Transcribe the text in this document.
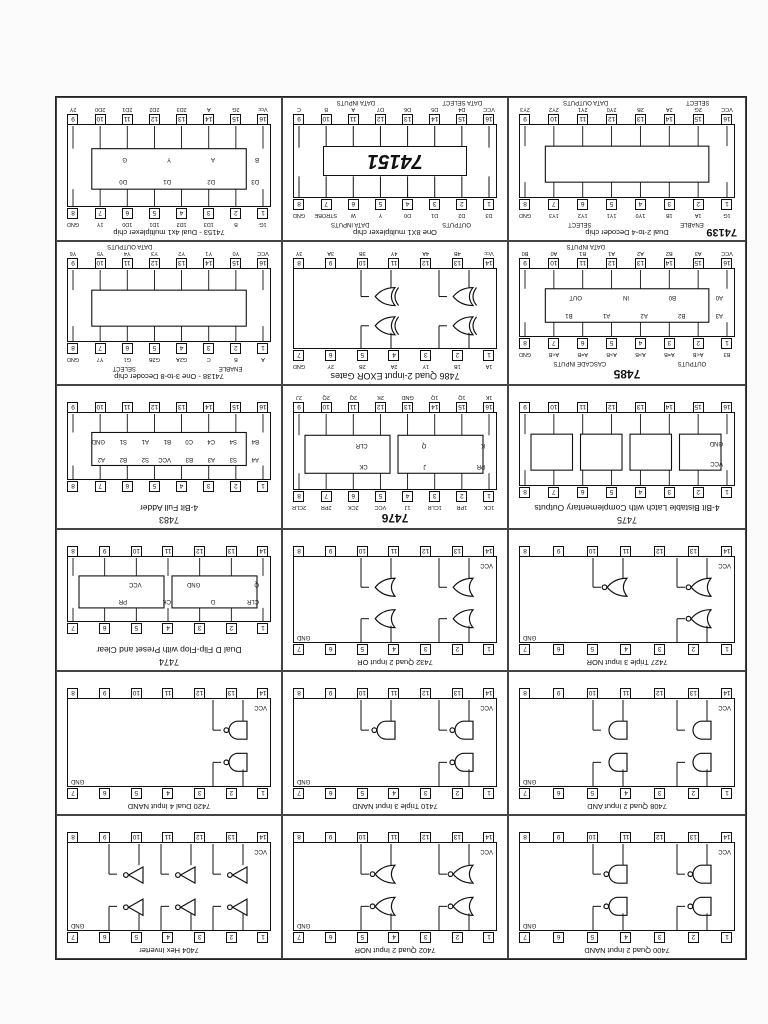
74153 - Dual 4x1 multiplexer chip
1
2
3
4
5
6
7
8
1G
B
1D3
1D2
1D1
1D0
1Y
GND
16
15
14
13
12
11
10
9
Vcc
2G
A
2D3
2D2
2D1
2D0
2Y
D3
D2
D1
D0
B
A
Y
G
74138 - One 3-to-8 Decoder chip
SELECT	ENABLE
1
2
3
4
5
6
7
8
A
B
C
G2A
G2B
G1
Y7
GND
16
15
14
13
12
11
10
9
VCC
Y0
Y1
Y2
Y3
Y4
Y5
Y6
DATA OUTPUTS
7483
4-Bit Full Adder
1
2
3
4
5
6
7
8
16
15
14
13
12
11
10
9
A4
S3
A3
B3
VCC
S2
B2
A2
B4
S4
C4
C0
B1
A1
S1
GND
7474
Dual D Flip-Flop with Preset and Clear
1
2
3
4
5
6
7
14
13
12
11
10
9
8
CLR
D
CK
PR
Q
GND
VCC
7420 Dual 4 Input NAND
1
2
3
4
5
6
7
14
13
12
11
10
9
8
GND
VCC
7404 Hex Inverter
1
2
3
4
5
6
7
14
13
12
11
10
9
8
GND
VCC
One 8X1 multiplexer chip
DATA INPUTS	OUTPUTS
1
2
3
4
5
6
7
8
D3
D2
D1
D0
Y
W
STROBE
GND
16
15
14
13
12
11
10
9
VCC
D4
D5
D6
D7
A
B
C
DATA INPUTS	DATA SELECT
74151
7486 Quad 2-input EXOR Gates
1
2
3
4
5
6
7
1A
1B
1Y
2A
2B
2Y
GND
14
13
12
11
10
9
8
Vcc
4B
4A
4Y
3B
3A
3Y
7476
1
2
3
4
5
6
7
8
1CK
1PR
1CLR
1J
VCC
2CK
2PR
2CLR
16
15
14
13
12
11
10
9
1K
1Q
1Q
GND
2K
2Q
2Q
2J
PR
J
CK
K
Q
CLR
7432 Quad 2 Input OR
1
2
3
4
5
6
7
14
13
12
11
10
9
8
GND
VCC
7410 Triple 3 Input NAND
1
2
3
4
5
6
7
14
13
12
11
10
9
8
GND
VCC
7402 Quad 2 Input NOR
1
2
3
4
5
6
7
14
13
12
11
10
9
8
GND
VCC
Dual 2-to-4 Decoder chip	74139
SELECT	ENABLE
1
2
3
4
5
6
7
8
1G
1A
1B
1Y0
1Y1
1Y2
1Y3
GND
16
15
14
13
12
11
10
9
VCC
2G
2A
2B
2Y0
2Y1
2Y2
2Y3
DATA OUTPUTS	SELECT
7485
CASCADE INPUTS	OUTPUTS
1
2
3
4
5
6
7
8
B3
A<B
A=B
A>B
A>B
A=B
A<B
GND
16
15
14
13
12
11
10
9
VCC
A3
B2
A2
A1
B1
A0
B0
DATA INPUTS
A3
B2
A2
A1
B1
A0
B0
IN
OUT
7475
4-Bit Bistable Latch with Complementary Outputs
1
2
3
4
5
6
7
8
16
15
14
13
12
11
10
9
VCC
GND
7427 Triple 3 Input NOR
1
2
3
4
5
6
7
14
13
12
11
10
9
8
GND
VCC
7408 Quad 2 Input AND
1
2
3
4
5
6
7
14
13
12
11
10
9
8
GND
VCC
7400 Quad 2 Input NAND
1
2
3
4
5
6
7
14
13
12
11
10
9
8
GND
VCC
